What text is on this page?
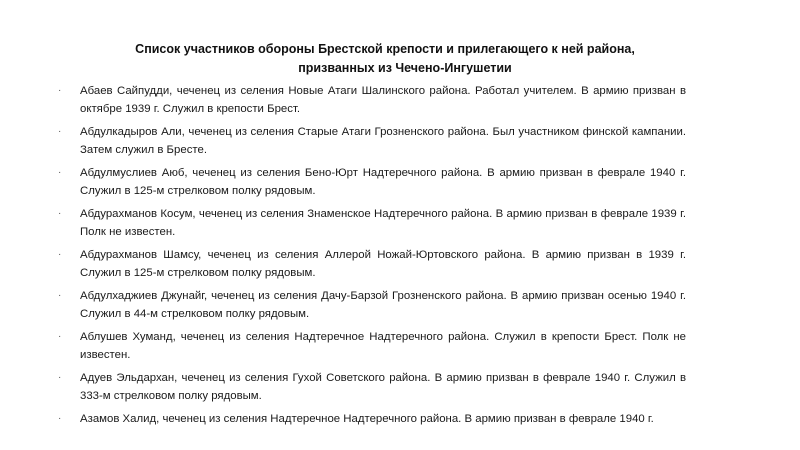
Список участников обороны Брестской крепости и прилегающего к ней района,
призванных из Чечено-Ингушетии
·	Абаев Сайпудди, чеченец из селения Новые Атаги Шалинского района. Работал учителем. В армию призван в октябре 1939 г. Служил в крепости Брест.
·	Абдулкадыров Али, чеченец из селения Старые Атаги Грозненского района. Был участником финской кампании. Затем служил в Бресте.
·	Абдулмуслиев Аюб, чеченец из селения Бено-Юрт Надтеречного района. В армию призван в феврале 1940 г. Служил в 125-м стрелковом полку рядовым.
·	Абдурахманов Косум, чеченец из селения Знаменское Надтеречного района. В армию призван в феврале 1939 г. Полк не известен.
·	Абдурахманов Шамсу, чеченец из селения Аллерой Ножай-Юртовского района. В армию призван в 1939 г. Служил в 125-м стрелковом полку рядовым.
·	Абдулхаджиев Джунайг, чеченец из селения Дачу-Барзой Грозненского района. В армию призван осенью 1940 г. Служил в 44-м стрелковом полку рядовым.
·	Аблушев Хуманд, чеченец из селения Надтеречное Надтеречного района. Служил в крепости Брест. Полк не известен.
·	Адуев Эльдархан, чеченец из селения Гухой Советского района. В армию призван в феврале 1940 г. Служил в 333-м стрелковом полку рядовым.
·	Азамов Халид, чеченец из селения Надтеречное Надтеречного района. В армию призван в феврале 1940 г.
